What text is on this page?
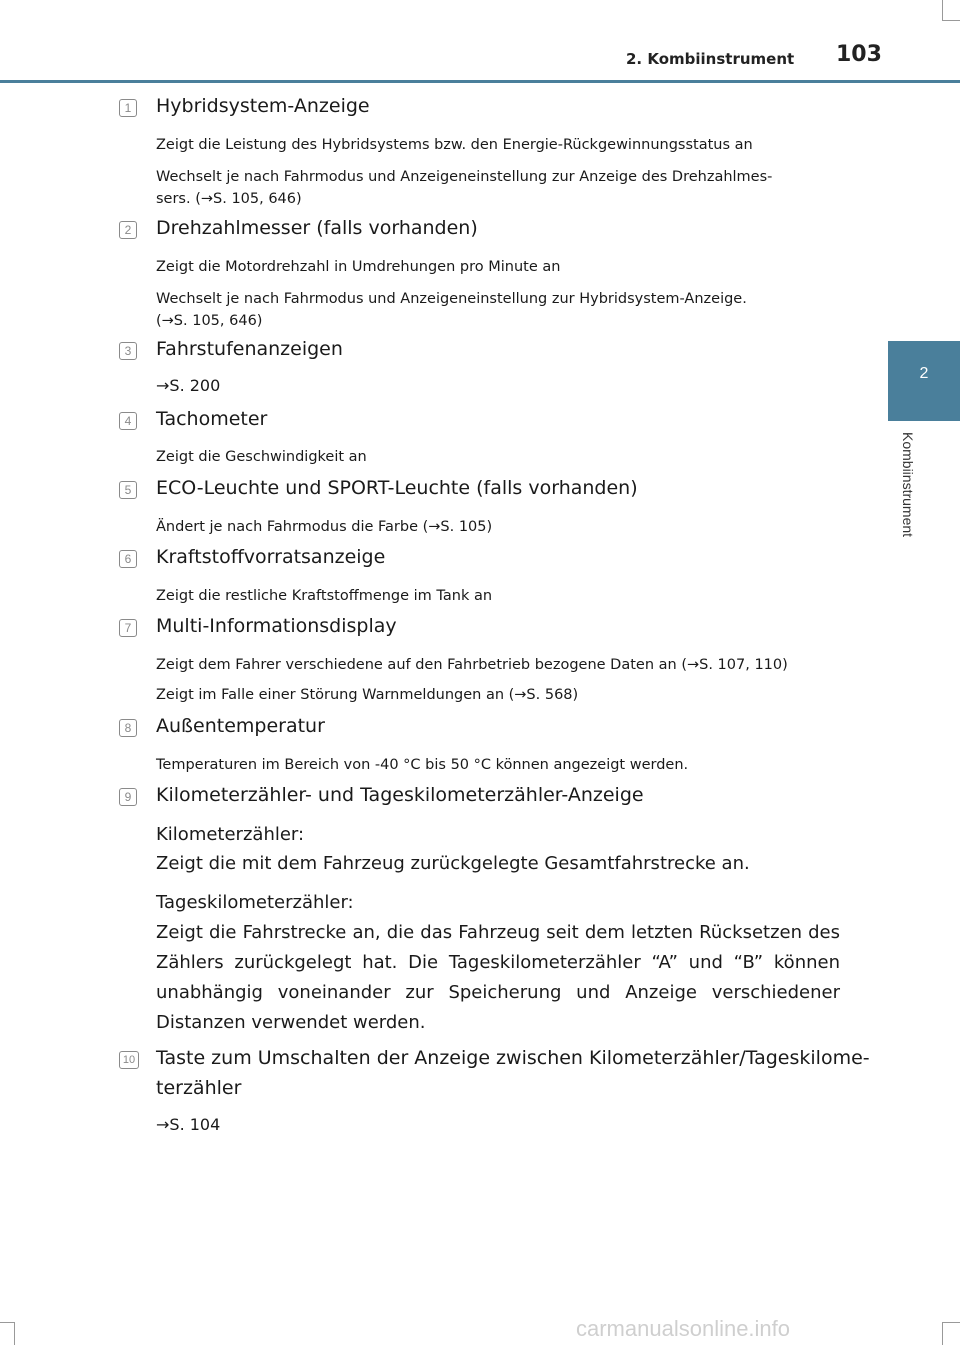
2. Kombiinstrument 103
2
Kombiinstrument
1 Hybridsystem-Anzeige
Zeigt die Leistung des Hybridsystems bzw. den Energie-Rückgewinnungsstatus an
Wechselt je nach Fahrmodus und Anzeigeneinstellung zur Anzeige des Drehzahlmes-
sers. (→S. 105, 646)
2 Drehzahlmesser (falls vorhanden)
Zeigt die Motordrehzahl in Umdrehungen pro Minute an
Wechselt je nach Fahrmodus und Anzeigeneinstellung zur Hybridsystem-Anzeige.
(→S. 105, 646)
3 Fahrstufenanzeigen
→S. 200
4 Tachometer
Zeigt die Geschwindigkeit an
5 ECO-Leuchte und SPORT-Leuchte (falls vorhanden)
Ändert je nach Fahrmodus die Farbe (→S. 105)
6 Kraftstoffvorratsanzeige
Zeigt die restliche Kraftstoffmenge im Tank an
7 Multi-Informationsdisplay
Zeigt dem Fahrer verschiedene auf den Fahrbetrieb bezogene Daten an (→S. 107, 110)
Zeigt im Falle einer Störung Warnmeldungen an (→S. 568)
8 Außentemperatur
Temperaturen im Bereich von -40 °C bis 50 °C können angezeigt werden.
9 Kilometerzähler- und Tageskilometerzähler-Anzeige
Kilometerzähler:
Zeigt die mit dem Fahrzeug zurückgelegte Gesamtfahrstrecke an.
Tageskilometerzähler:
Zeigt die Fahrstrecke an, die das Fahrzeug seit dem letzten Rücksetzen des Zählers zurückgelegt hat. Die Tageskilometerzähler “A” und “B” können unabhängig voneinander zur Speicherung und Anzeige verschiedener Distanzen verwendet werden.
10 Taste zum Umschalten der Anzeige zwischen Kilometerzähler/Tageskilome-
terzähler
→S. 104
carmanualsonline.info
